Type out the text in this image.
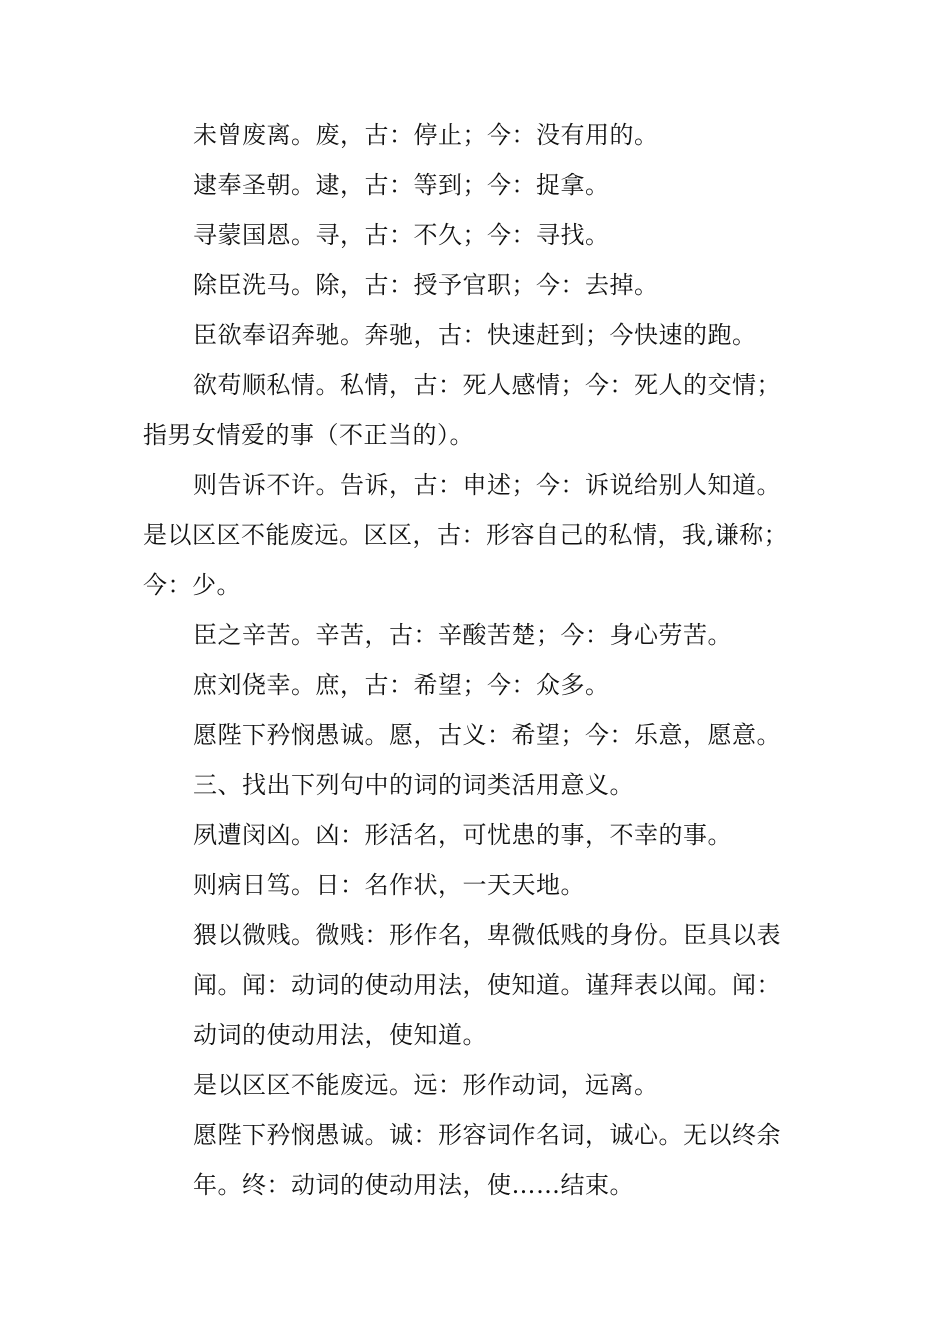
未曾废离。废，古：停止；今：没有用的。
逮奉圣朝。逮，古：等到；今：捉拿。
寻蒙国恩。寻，古：不久；今：寻找。
除臣洗马。除，古：授予官职；今：去掉。
臣欲奉诏奔驰。奔驰，古：快速赶到；今快速的跑。
欲苟顺私情。私情，古：死人感情；今：死人的交情；
指男女情爱的事（不正当的）。
则告诉不许。告诉，古：申述；今：诉说给别人知道。
是以区区不能废远。区区，古：形容自己的私情，我,谦称；
今：少。
臣之辛苦。辛苦，古：辛酸苦楚；今：身心劳苦。
庶刘侥幸。庶，古：希望；今：众多。
愿陛下矜悯愚诚。愿，古义：希望；今：乐意，愿意。
三、找出下列句中的词的词类活用意义。
夙遭闵凶。凶：形活名，可忧患的事，不幸的事。
则病日笃。日：名作状，一天天地。
猥以微贱。微贱：形作名，卑微低贱的身份。臣具以表
闻。闻：动词的使动用法，使知道。谨拜表以闻。闻：
动词的使动用法，使知道。
是以区区不能废远。远：形作动词，远离。
愿陛下矜悯愚诚。诚：形容词作名词，诚心。无以终余
年。终：动词的使动用法，使……结束。
